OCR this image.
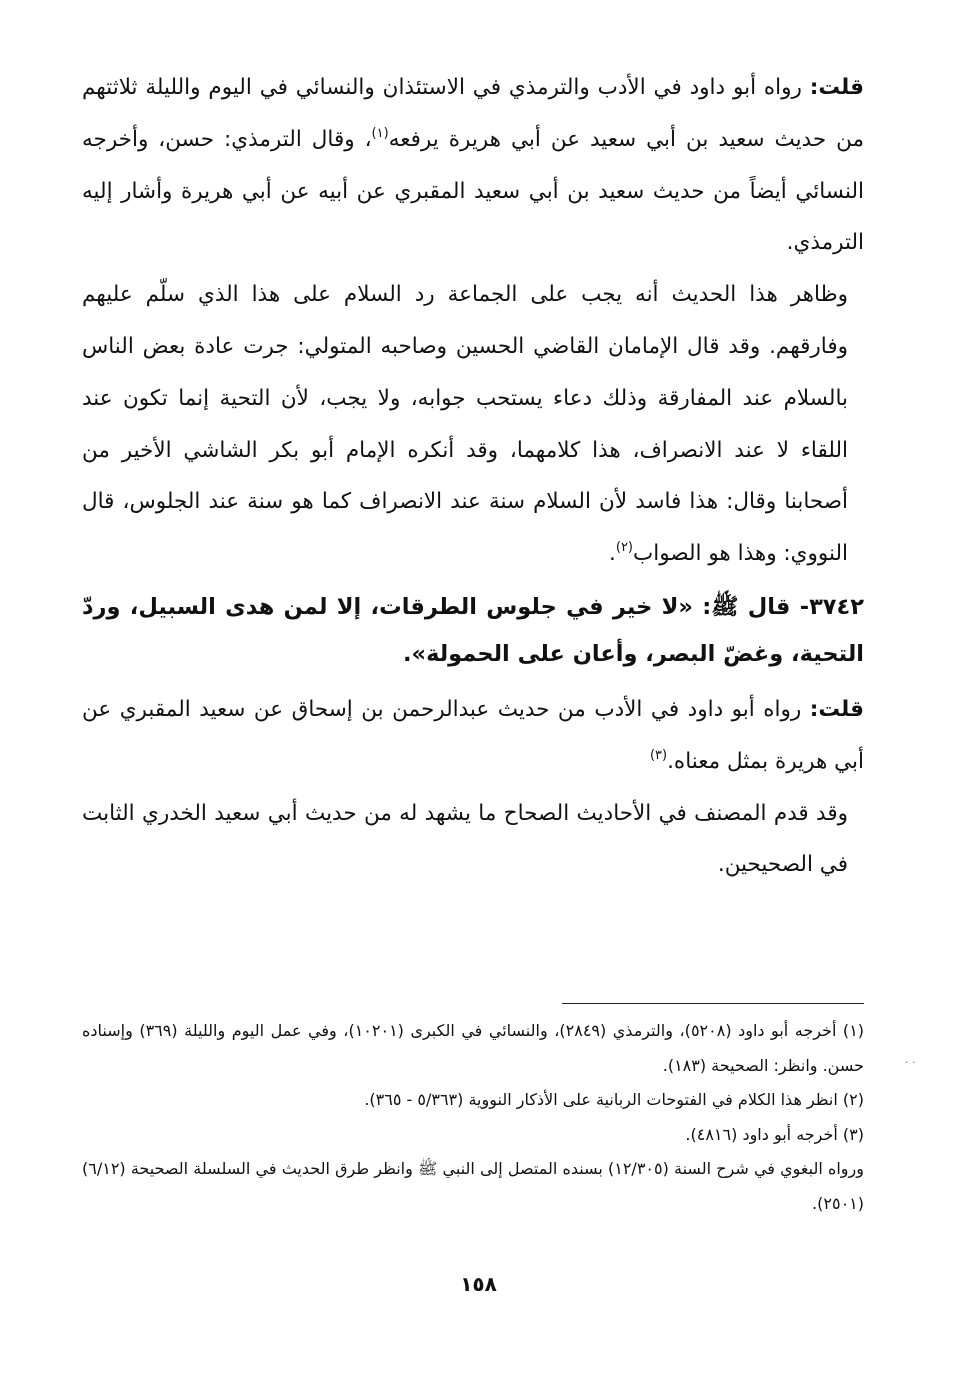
قلت: رواه أبو داود في الأدب والترمذي في الاستئذان والنسائي في اليوم والليلة ثلاثتهم من حديث سعيد بن أبي سعيد عن أبي هريرة يرفعه$^{(١)}$، وقال الترمذي: حسن، وأخرجه النسائي أيضاً من حديث سعيد بن أبي سعيد المقبري عن أبيه عن أبي هريرة وأشار إليه الترمذي.

وظاهر هذا الحديث أنه يجب على الجماعة رد السلام على هذا الذي سلّم عليهم وفارقهم. وقد قال الإمامان القاضي الحسين وصاحبه المتولي: جرت عادة بعض الناس بالسلام عند المفارقة وذلك دعاء يستحب جوابه، ولا يجب، لأن التحية إنما تكون عند اللقاء لا عند الانصراف، هذا كلامهما، وقد أنكره الإمام أبو بكر الشاشي الأخير من أصحابنا وقال: هذا فاسد لأن السلام سنة عند الانصراف كما هو سنة عند الجلوس، قال النووي: وهذا هو الصواب$^{(٢)}$.

٣٧٤٢- قال ﷺ: «لا خير في جلوس الطرقات، إلا لمن هدى السبيل، وردّ التحية، وغضّ البصر، وأعان على الحمولة».

قلت: رواه أبو داود في الأدب من حديث عبدالرحمن بن إسحاق عن سعيد المقبري عن أبي هريرة بمثل معناه.$^{(٣)}$

وقد قدم المصنف في الأحاديث الصحاح ما يشهد له من حديث أبي سعيد الخدري الثابت في الصحيحين.

(١) أخرجه أبو داود (٥٢٠٨)، والترمذي (٢٨٤٩)، والنسائي في الكبرى (١٠٢٠١)، وفي عمل اليوم والليلة (٣٦٩) وإسناده حسن. وانظر: الصحيحة (١٨٣).

(٢) انظر هذا الكلام في الفتوحات الربانية على الأذكار النووية (٥/٣٦٣ - ٣٦٥).

(٣) أخرجه أبو داود (٤٨١٦).

ورواه البغوي في شرح السنة (١٢/٣٠٥) بسنده المتصل إلى النبي ﷺ وانظر طرق الحديث في السلسلة الصحيحة (٦/١٢) (٢٥٠١).

١٥٨
· ·
